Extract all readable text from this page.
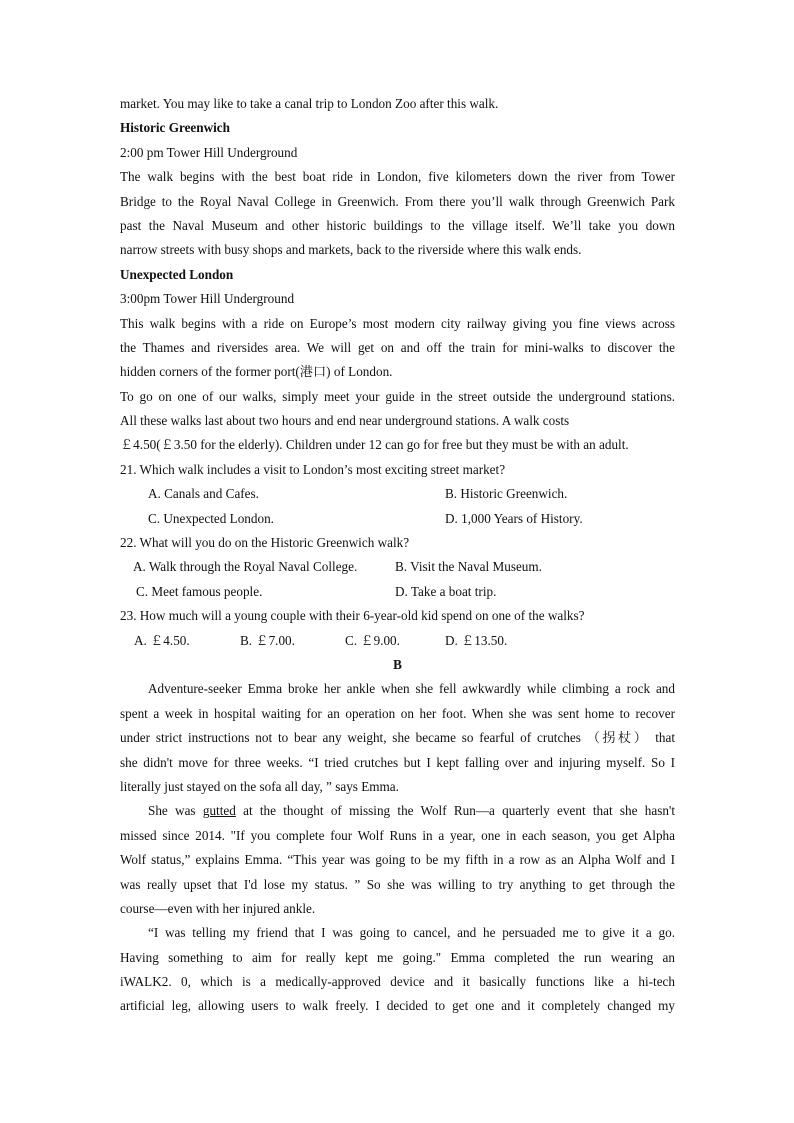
market. You may like to take a canal trip to London Zoo after this walk.
Historic Greenwich
2:00 pm Tower Hill Underground
The walk begins with the best boat ride in London, five kilometers down the river from Tower
Bridge to the Royal Naval College in Greenwich. From there you’ll walk through Greenwich Park
past the Naval Museum and other historic buildings to the village itself. We’ll take you down
narrow streets with busy shops and markets, back to the riverside where this walk ends.
Unexpected London
3:00pm Tower Hill Underground
This walk begins with a ride on Europe’s most modern city railway giving you fine views across
the Thames and riversides area. We will get on and off the train for mini-walks to discover the
hidden corners of the former port(港口) of London.
To go on one of our walks, simply meet your guide in the street outside the underground stations.
All these walks last about two hours and end near underground stations. A walk costs
￡4.50(￡3.50 for the elderly). Children under 12 can go for free but they must be with an adult.
21. Which walk includes a visit to London’s most exciting street market?
A. Canals and Cafes.	B. Historic Greenwich.
C. Unexpected London.	D. 1,000 Years of History.
22. What will you do on the Historic Greenwich walk?
A. Walk through the Royal Naval College.	B. Visit the Naval Museum.
C. Meet famous people.	D. Take a boat trip.
23. How much will a young couple with their 6-year-old kid spend on one of the walks?
A. ￡4.50.	B. ￡7.00.	C. ￡9.00.	D. ￡13.50.
B
Adventure-seeker Emma broke her ankle when she fell awkwardly while climbing a rock and
spent a week in hospital waiting for an operation on her foot. When she was sent home to recover
under strict instructions not to bear any weight, she became so fearful of crutches （拐杖） that
she didn't move for three weeks. “I tried crutches but I kept falling over and injuring myself. So I
literally just stayed on the sofa all day, ” says Emma.
She was gutted at the thought of missing the Wolf Run—a quarterly event that she hasn't
missed since 2014. "If you complete four Wolf Runs in a year, one in each season, you get Alpha
Wolf status,” explains Emma. “This year was going to be my fifth in a row as an Alpha Wolf and I
was really upset that I'd lose my status. ” So she was willing to try anything to get through the
course—even with her injured ankle.
“I was telling my friend that I was going to cancel, and he persuaded me to give it a go.
Having something to aim for really kept me going." Emma completed the run wearing an
iWALK2. 0, which is a medically-approved device and it basically functions like a hi-tech
artificial leg, allowing users to walk freely. I decided to get one and it completely changed my
